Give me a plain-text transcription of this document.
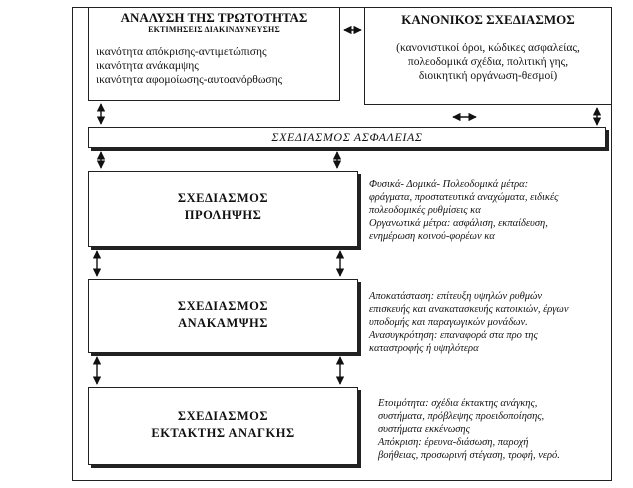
ΑΝΑΛΥΣΗ ΤΗΣ ΤΡΩΤΟΤΗΤΑΣ
ΕΚΤΙΜΗΣΕΙΣ ΔΙΑΚΙΝΔΥΝΕΥΣΗΣ
ικανότητα απόκρισης-αντιμετώπισης
ικανότητα ανάκαμψης
ικανότητα αφομοίωσης-αυτοανόρθωσης
ΚΑΝΟΝΙΚΟΣ ΣΧΕΔΙΑΣΜΟΣ
(κανονιστικοί όροι, κώδικες ασφαλείας,
πολεοδομικά σχέδια, πολιτική γης,
διοικητική οργάνωση-θεσμοί)
ΣΧΕΔΙΑΣΜΟΣ ΑΣΦΑΛΕΙΑΣ
ΣΧΕΔΙΑΣΜΟΣ
ΠΡΟΛΗΨΗΣ
Φυσικά- Δομικά- Πολεοδομικά μέτρα:
φράγματα, προστατευτικά αναχώματα, ειδικές
πολεοδομικές ρυθμίσεις κα
Οργανωτικά μέτρα: ασφάλιση, εκπαίδευση,
ενημέρωση κοινού-φορέων κα
ΣΧΕΔΙΑΣΜΟΣ
ΑΝΑΚΑΜΨΗΣ
Αποκατάσταση: επίτευξη υψηλών ρυθμών
επισκευής και ανακατασκευής κατοικιών, έργων
υποδομής και παραγωγικών μονάδων.
Ανασυγκρότηση: επαναφορά στα προ της
καταστροφής ή υψηλότερα
ΣΧΕΔΙΑΣΜΟΣ
ΕΚΤΑΚΤΗΣ ΑΝΑΓΚΗΣ
Ετοιμότητα: σχέδια έκτακτης ανάγκης,
συστήματα, πρόβλεψης προειδοποίησης,
συστήματα εκκένωσης
Απόκριση: έρευνα-διάσωση, παροχή
βοήθειας, προσωρινή στέγαση, τροφή, νερό.
